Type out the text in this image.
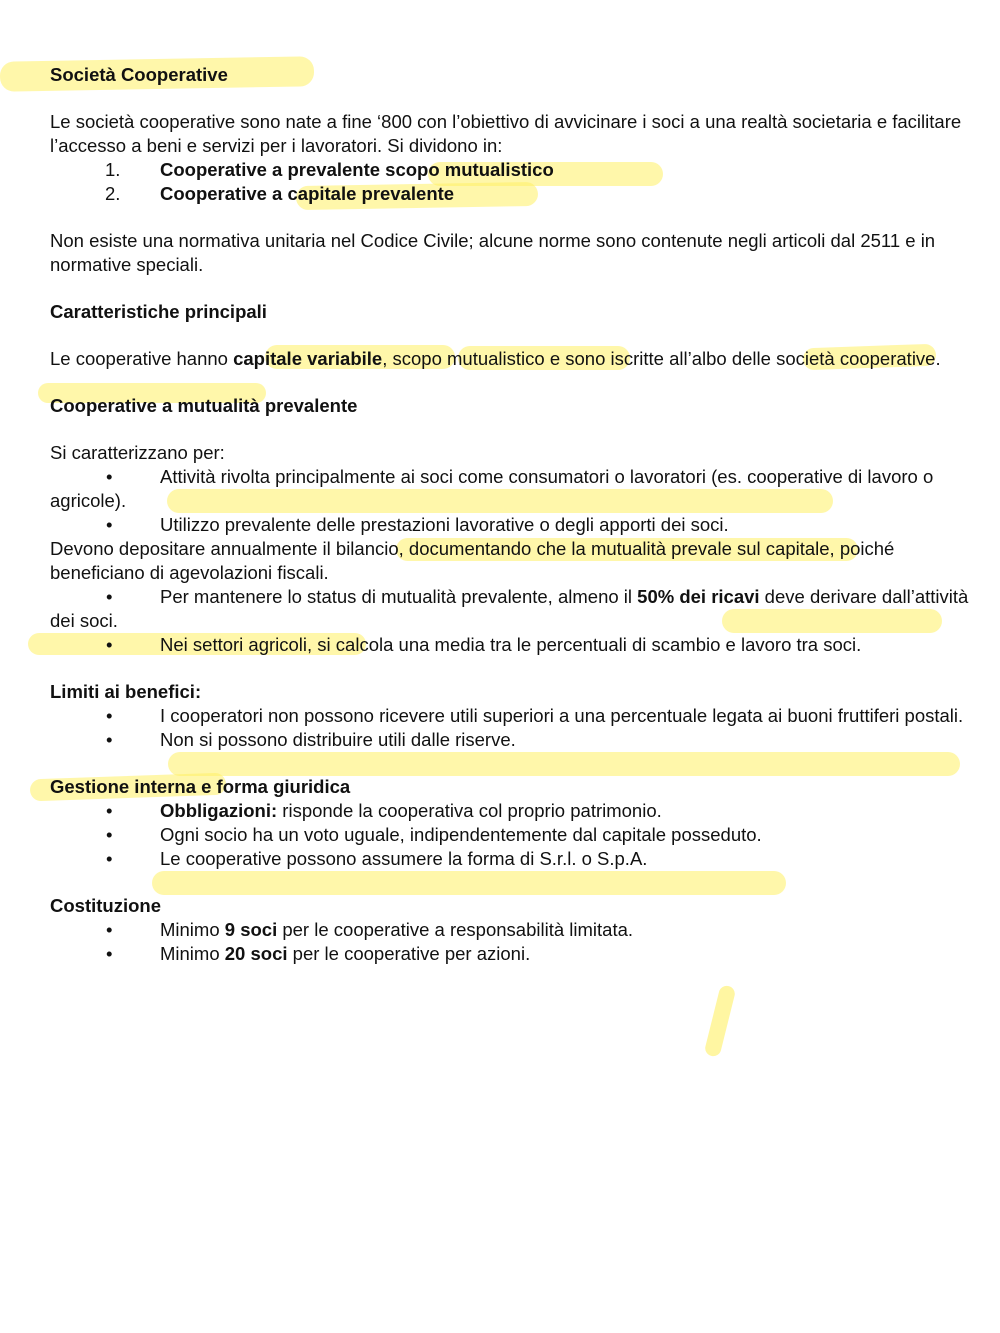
Società Cooperative

Le società cooperative sono nate a fine ‘800 con l’obiettivo di avvicinare i soci a una realtà societaria e facilitare l’accesso a beni e servizi per i lavoratori. Si dividono in:

1. Cooperative a prevalente scopo mutualistico
2. Cooperative a capitale prevalente

Non esiste una normativa unitaria nel Codice Civile; alcune norme sono contenute negli articoli dal 2511 e in normative speciali.

Caratteristiche principali

Le cooperative hanno capitale variabile, scopo mutualistico e sono iscritte all’albo delle società cooperative.

Cooperative a mutualità prevalente

Si caratterizzano per:

•	Attività rivolta principalmente ai soci come consumatori o lavoratori (es. cooperative di lavoro o agricole).
•	Utilizzo prevalente delle prestazioni lavorative o degli apporti dei soci.

Devono depositare annualmente il bilancio, documentando che la mutualità prevale sul capitale, poiché beneficiano di agevolazioni fiscali.

•	Per mantenere lo status di mutualità prevalente, almeno il 50% dei ricavi deve derivare dall’attività dei soci.
•	Nei settori agricoli, si calcola una media tra le percentuali di scambio e lavoro tra soci.
Limiti ai benefici:
•	I cooperatori non possono ricevere utili superiori a una percentuale legata ai buoni fruttiferi postali.
•	Non si possono distribuire utili dalle riserve.
Gestione interna e forma giuridica
•	Obbligazioni: risponde la cooperativa col proprio patrimonio.
•	Ogni socio ha un voto uguale, indipendentemente dal capitale posseduto.
•	Le cooperative possono assumere la forma di S.r.l. o S.p.A.
Costituzione
•	Minimo 9 soci per le cooperative a responsabilità limitata.
•	Minimo 20 soci per le cooperative per azioni.
